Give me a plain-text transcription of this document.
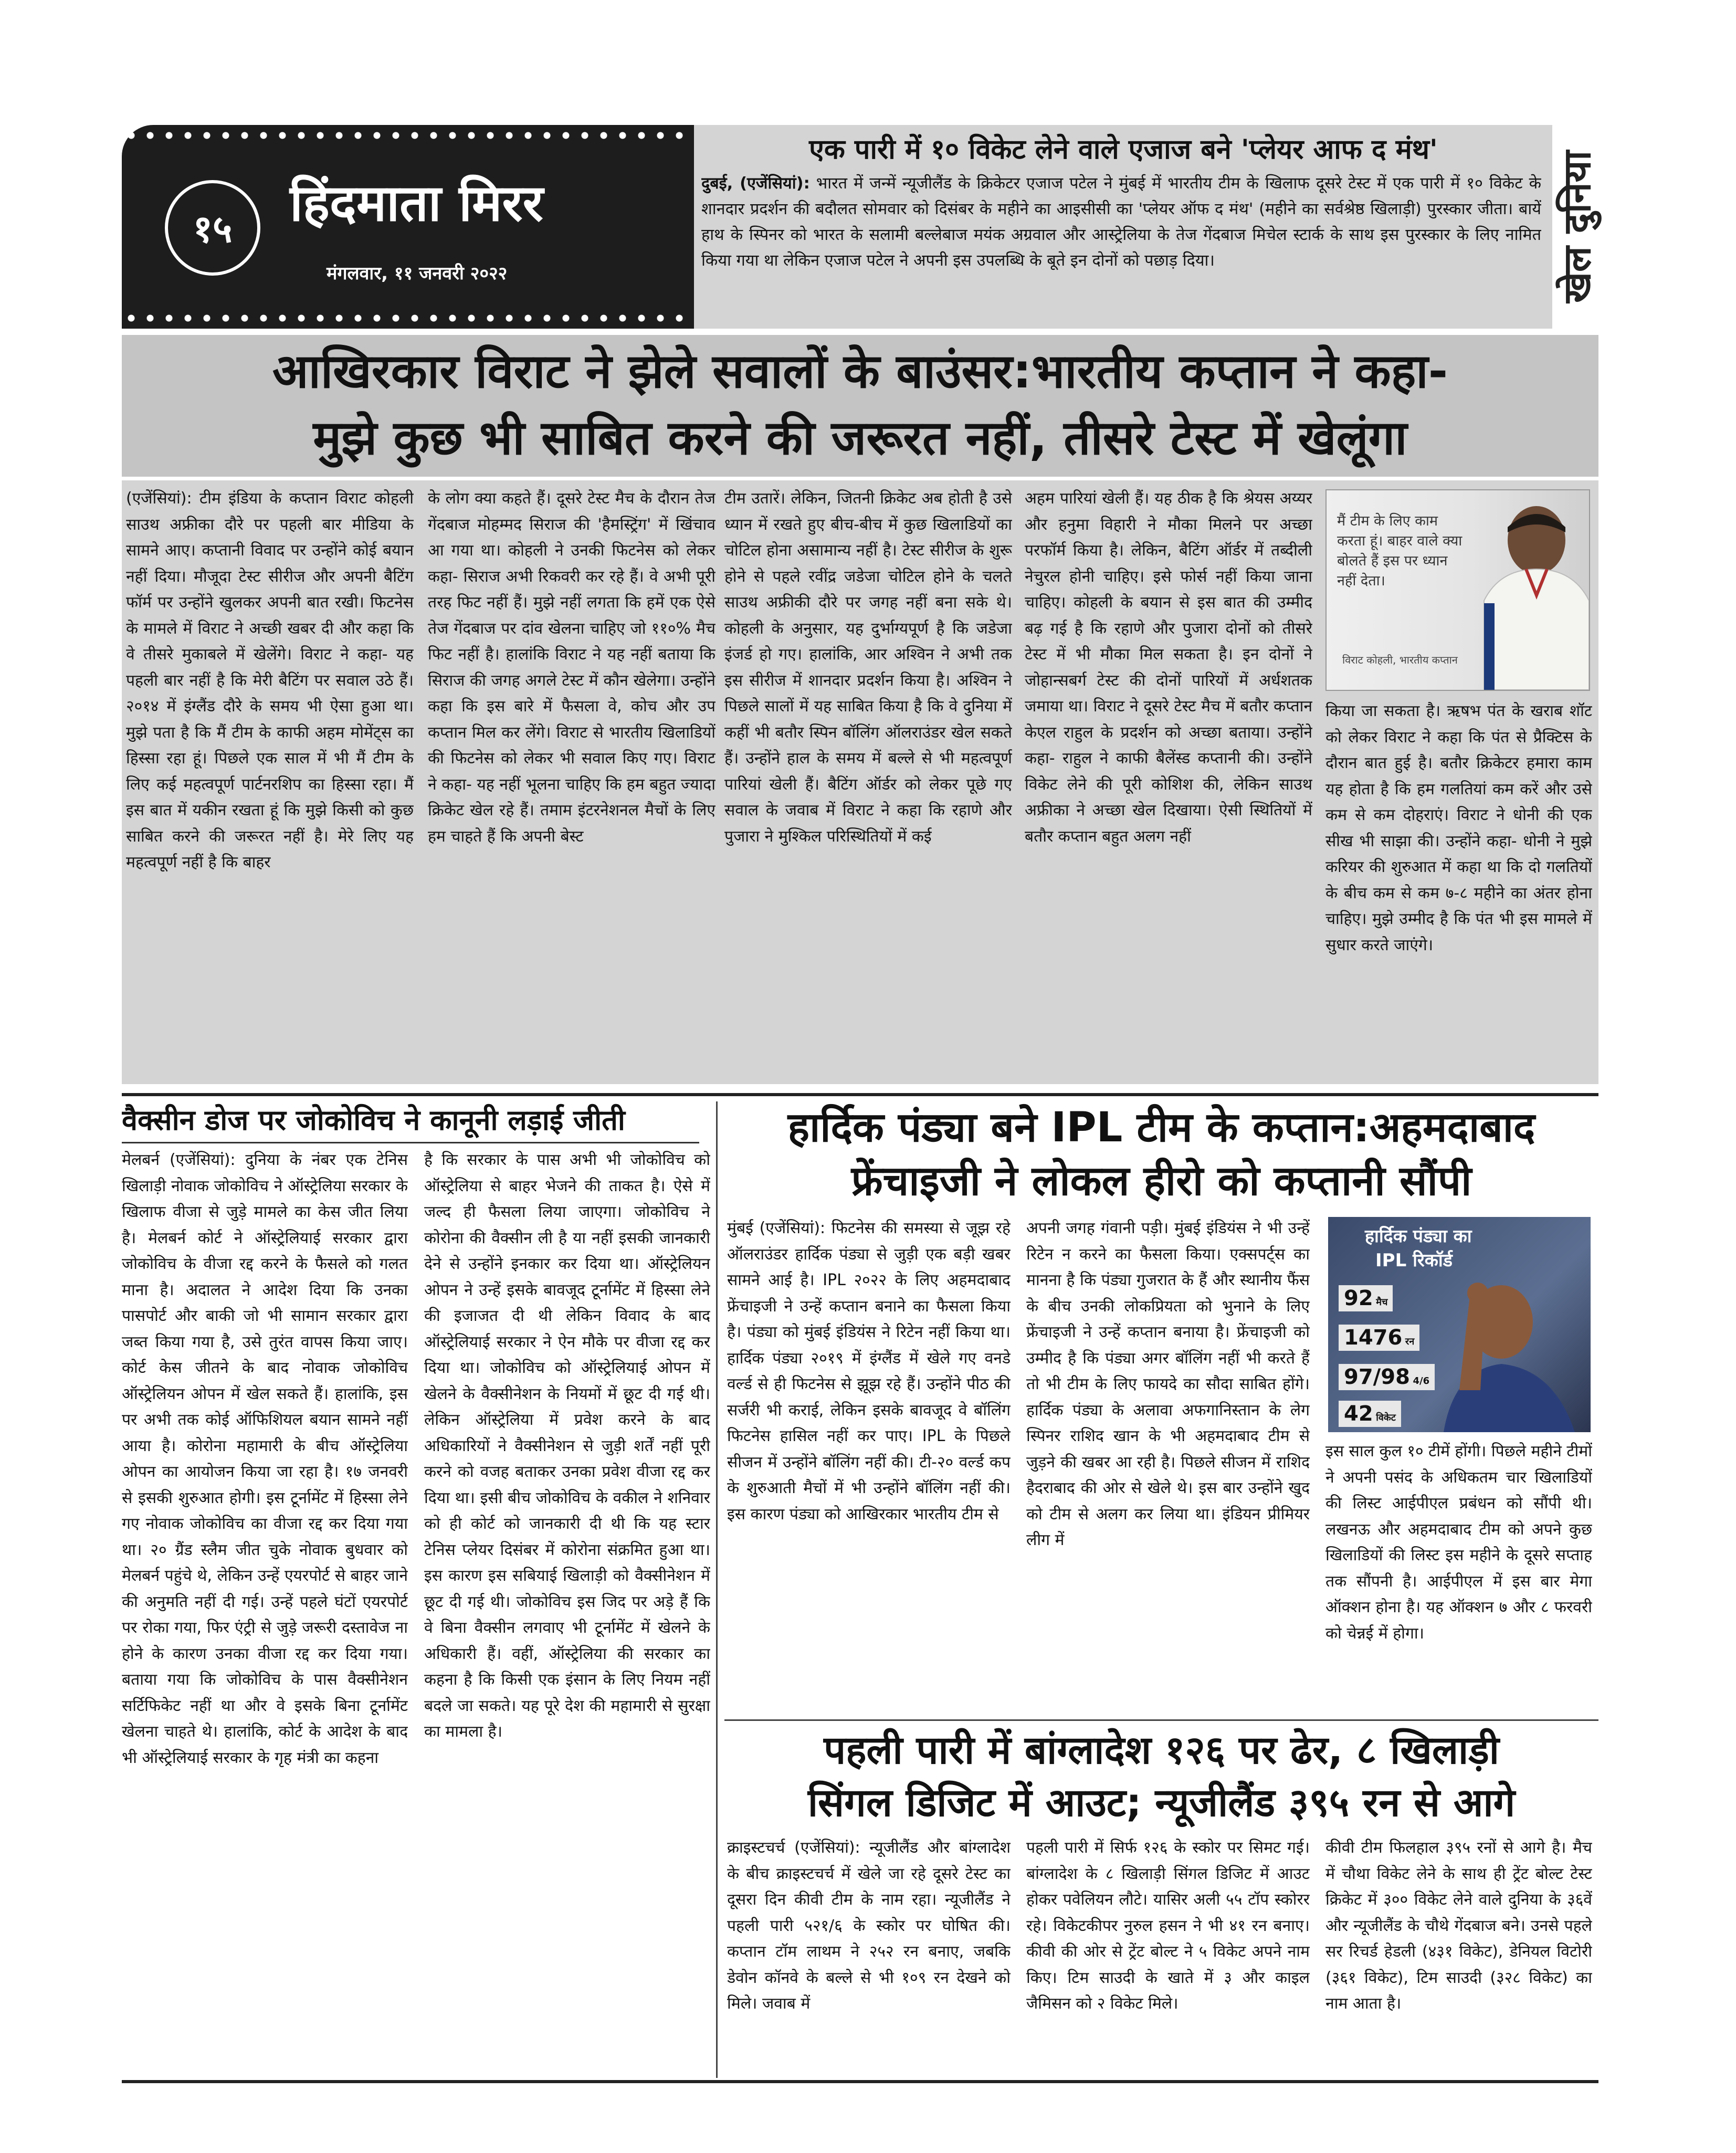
१५ हिंदमाता मिरर
मंगलवार, ११ जनवरी २०२२
एक पारी में १० विकेट लेने वाले एजाज बने 'प्लेयर आफ द मंथ'
दुबई, (एजेंसियां): भारत में जन्में न्यूजीलैंड के क्रिकेटर एजाज पटेल ने मुंबई में भारतीय टीम के खिलाफ दूसरे टेस्ट में एक पारी में १० विकेट के शानदार प्रदर्शन की बदौलत सोमवार को दिसंबर के महीने का आइसीसी का 'प्लेयर ऑफ द मंथ' (महीने का सर्वश्रेष्ठ खिलाड़ी) पुरस्कार जीता। बायें हाथ के स्पिनर को भारत के सलामी बल्लेबाज मयंक अग्रवाल और आस्ट्रेलिया के तेज गेंदबाज मिचेल स्टार्क के साथ इस पुरस्कार के लिए नामित किया गया था लेकिन एजाज पटेल ने अपनी इस उपलब्धि के बूते इन दोनों को पछाड़ दिया।	खेल दुनिया
आखिरकार विराट ने झेले सवालों के बाउंसर:भारतीय कप्तान ने कहा-
मुझे कुछ भी साबित करने की जरूरत नहीं, तीसरे टेस्ट में खेलूंगा
(एजेंसियां): टीम इंडिया के कप्तान विराट कोहली साउथ अफ्रीका दौरे पर पहली बार मीडिया के सामने आए। कप्तानी विवाद पर उन्होंने कोई बयान नहीं दिया। मौजूदा टेस्ट सीरीज और अपनी बैटिंग फॉर्म पर उन्होंने खुलकर अपनी बात रखी। फिटनेस के मामले में विराट ने अच्छी खबर दी और कहा कि वे तीसरे मुकाबले में खेलेंगे। विराट ने कहा- यह पहली बार नहीं है कि मेरी बैटिंग पर सवाल उठे हैं। २०१४ में इंग्लैंड दौरे के समय भी ऐसा हुआ था। मुझे पता है कि मैं टीम के काफी अहम मोमेंट्स का हिस्सा रहा हूं। पिछले एक साल में भी मैं टीम के लिए कई महत्वपूर्ण पार्टनरशिप का हिस्सा रहा। मैं इस बात में यकीन रखता हूं कि मुझे किसी को कुछ साबित करने की जरूरत नहीं है। मेरे लिए यह महत्वपूर्ण नहीं है कि बाहर
के लोग क्या कहते हैं। दूसरे टेस्ट मैच के दौरान तेज गेंदबाज मोहम्मद सिराज की 'हैमस्ट्रिंग' में खिंचाव आ गया था। कोहली ने उनकी फिटनेस को लेकर कहा- सिराज अभी रिकवरी कर रहे हैं। वे अभी पूरी तरह फिट नहीं हैं। मुझे नहीं लगता कि हमें एक ऐसे तेज गेंदबाज पर दांव खेलना चाहिए जो ११०% मैच फिट नहीं है। हालांकि विराट ने यह नहीं बताया कि सिराज की जगह अगले टेस्ट में कौन खेलेगा। उन्होंने कहा कि इस बारे में फैसला वे, कोच और उप कप्तान मिल कर लेंगे। विराट से भारतीय खिलाडियों की फिटनेस को लेकर भी सवाल किए गए। विराट ने कहा- यह नहीं भूलना चाहिए कि हम बहुत ज्यादा क्रिकेट खेल रहे हैं। तमाम इंटरनेशनल मैचों के लिए हम चाहते हैं कि अपनी बेस्ट
टीम उतारें। लेकिन, जितनी क्रिकेट अब होती है उसे ध्यान में रखते हुए बीच-बीच में कुछ खिलाडियों का चोटिल होना असामान्य नहीं है। टेस्ट सीरीज के शुरू होने से पहले रवींद्र जडेजा चोटिल होने के चलते साउथ अफ्रीकी दौरे पर जगह नहीं बना सके थे। कोहली के अनुसार, यह दुर्भाग्यपूर्ण है कि जडेजा इंजर्ड हो गए। हालांकि, आर अश्विन ने अभी तक इस सीरीज में शानदार प्रदर्शन किया है। अश्विन ने पिछले सालों में यह साबित किया है कि वे दुनिया में कहीं भी बतौर स्पिन बॉलिंग ऑलराउंडर खेल सकते हैं। उन्होंने हाल के समय में बल्ले से भी महत्वपूर्ण पारियां खेली हैं। बैटिंग ऑर्डर को लेकर पूछे गए सवाल के जवाब में विराट ने कहा कि रहाणे और पुजारा ने मुश्किल परिस्थितियों में कई
अहम पारियां खेली हैं। यह ठीक है कि श्रेयस अय्यर और हनुमा विहारी ने मौका मिलने पर अच्छा परफॉर्म किया है। लेकिन, बैटिंग ऑर्डर में तब्दीली नेचुरल होनी चाहिए। इसे फोर्स नहीं किया जाना चाहिए। कोहली के बयान से इस बात की उम्मीद बढ़ गई है कि रहाणे और पुजारा दोनों को तीसरे टेस्ट में भी मौका मिल सकता है। इन दोनों ने जोहान्सबर्ग टेस्ट की दोनों पारियों में अर्धशतक जमाया था। विराट ने दूसरे टेस्ट मैच में बतौर कप्तान केएल राहुल के प्रदर्शन को अच्छा बताया। उन्होंने कहा- राहुल ने काफी बैलेंस्ड कप्तानी की। उन्होंने विकेट लेने की पूरी कोशिश की, लेकिन साउथ अफ्रीका ने अच्छा खेल दिखाया। ऐसी स्थितियों में बतौर कप्तान बहुत अलग नहीं
मैं टीम के लिए काम करता हूं। बाहर वाले क्या बोलते हैं इस पर ध्यान नहीं देता।
विराट कोहली, भारतीय कप्तान
किया जा सकता है। ऋषभ पंत के खराब शॉट को लेकर विराट ने कहा कि पंत से प्रैक्टिस के दौरान बात हुई है। बतौर क्रिकेटर हमारा काम यह होता है कि हम गलतियां कम करें और उसे कम से कम दोहराएं। विराट ने धोनी की एक सीख भी साझा की। उन्होंने कहा- धोनी ने मुझे करियर की शुरुआत में कहा था कि दो गलतियों के बीच कम से कम ७-८ महीने का अंतर होना चाहिए। मुझे उम्मीद है कि पंत भी इस मामले में सुधार करते जाएंगे।
वैक्सीन डोज पर जोकोविच ने कानूनी लड़ाई जीती
मेलबर्न (एजेंसियां): दुनिया के नंबर एक टेनिस खिलाड़ी नोवाक जोकोविच ने ऑस्ट्रेलिया सरकार के खिलाफ वीजा से जुड़े मामले का केस जीत लिया है। मेलबर्न कोर्ट ने ऑस्ट्रेलियाई सरकार द्वारा जोकोविच के वीजा रद्द करने के फैसले को गलत माना है। अदालत ने आदेश दिया कि उनका पासपोर्ट और बाकी जो भी सामान सरकार द्वारा जब्त किया गया है, उसे तुरंत वापस किया जाए। कोर्ट केस जीतने के बाद नोवाक जोकोविच ऑस्ट्रेलियन ओपन में खेल सकते हैं। हालांकि, इस पर अभी तक कोई ऑफिशियल बयान सामने नहीं आया है। कोरोना महामारी के बीच ऑस्ट्रेलिया ओपन का आयोजन किया जा रहा है। १७ जनवरी से इसकी शुरुआत होगी। इस टूर्नामेंट में हिस्सा लेने गए नोवाक जोकोविच का वीजा रद्द कर दिया गया था। २० ग्रैंड स्लैम जीत चुके नोवाक बुधवार को मेलबर्न पहुंचे थे, लेकिन उन्हें एयरपोर्ट से बाहर जाने की अनुमति नहीं दी गई। उन्हें पहले घंटों एयरपोर्ट पर रोका गया, फिर एंट्री से जुड़े जरूरी दस्तावेज ना होने के कारण उनका वीजा रद्द कर दिया गया। बताया गया कि जोकोविच के पास वैक्सीनेशन सर्टिफिकेट नहीं था और वे इसके बिना टूर्नामेंट खेलना चाहते थे। हालांकि, कोर्ट के आदेश के बाद भी ऑस्ट्रेलियाई सरकार के गृह मंत्री का कहना
है कि सरकार के पास अभी भी जोकोविच को ऑस्ट्रेलिया से बाहर भेजने की ताकत है। ऐसे में जल्द ही फैसला लिया जाएगा। जोकोविच ने कोरोना की वैक्सीन ली है या नहीं इसकी जानकारी देने से उन्होंने इनकार कर दिया था। ऑस्ट्रेलियन ओपन ने उन्हें इसके बावजूद टूर्नामेंट में हिस्सा लेने की इजाजत दी थी लेकिन विवाद के बाद ऑस्ट्रेलियाई सरकार ने ऐन मौके पर वीजा रद्द कर दिया था। जोकोविच को ऑस्ट्रेलियाई ओपन में खेलने के वैक्सीनेशन के नियमों में छूट दी गई थी। लेकिन ऑस्ट्रेलिया में प्रवेश करने के बाद अधिकारियों ने वैक्सीनेशन से जुड़ी शर्तें नहीं पूरी करने को वजह बताकर उनका प्रवेश वीजा रद्द कर दिया था। इसी बीच जोकोविच के वकील ने शनिवार को ही कोर्ट को जानकारी दी थी कि यह स्टार टेनिस प्लेयर दिसंबर में कोरोना संक्रमित हुआ था। इस कारण इस सबियाई खिलाड़ी को वैक्सीनेशन में छूट दी गई थी। जोकोविच इस जिद पर अड़े हैं कि वे बिना वैक्सीन लगवाए भी टूर्नामेंट में खेलने के अधिकारी हैं। वहीं, ऑस्ट्रेलिया की सरकार का कहना है कि किसी एक इंसान के लिए नियम नहीं बदले जा सकते। यह पूरे देश की महामारी से सुरक्षा का मामला है।
हार्दिक पंड्या बने IPL टीम के कप्तान:अहमदाबाद
फ्रेंचाइजी ने लोकल हीरो को कप्तानी सौंपी
मुंबई (एजेंसियां): फिटनेस की समस्या से जूझ रहे ऑलराउंडर हार्दिक पंड्या से जुड़ी एक बड़ी खबर सामने आई है। IPL २०२२ के लिए अहमदाबाद फ्रेंचाइजी ने उन्हें कप्तान बनाने का फैसला किया है। पंड्या को मुंबई इंडियंस ने रिटेन नहीं किया था। हार्दिक पंड्या २०१९ में इंग्लैंड में खेले गए वनडे वर्ल्ड से ही फिटनेस से झूझ रहे हैं। उन्होंने पीठ की सर्जरी भी कराई, लेकिन इसके बावजूद वे बॉलिंग फिटनेस हासिल नहीं कर पाए। IPL के पिछले सीजन में उन्होंने बॉलिंग नहीं की। टी-२० वर्ल्ड कप के शुरुआती मैचों में भी उन्होंने बॉलिंग नहीं की। इस कारण पंड्या को आखिरकार भारतीय टीम से
अपनी जगह गंवानी पड़ी। मुंबई इंडियंस ने भी उन्हें रिटेन न करने का फैसला किया। एक्सपर्ट्स का मानना है कि पंड्या गुजरात के हैं और स्थानीय फैंस के बीच उनकी लोकप्रियता को भुनाने के लिए फ्रेंचाइजी ने उन्हें कप्तान बनाया है। फ्रेंचाइजी को उम्मीद है कि पंड्या अगर बॉलिंग नहीं भी करते हैं तो भी टीम के लिए फायदे का सौदा साबित होंगे। हार्दिक पंड्या के अलावा अफगानिस्तान के लेग स्पिनर राशिद खान के भी अहमदाबाद टीम से जुड़ने की खबर आ रही है। पिछले सीजन में राशिद हैदराबाद की ओर से खेले थे। इस बार उन्होंने खुद को टीम से अलग कर लिया था। इंडियन प्रीमियर लीग में
हार्दिक पंड्या का
IPL रिकॉर्ड
92 मैच
1476 रन
97/98 4/6
42 विकेट
इस साल कुल १० टीमें होंगी। पिछले महीने टीमों ने अपनी पसंद के अधिकतम चार खिलाडियों की लिस्ट आईपीएल प्रबंधन को सौंपी थी। लखनऊ और अहमदाबाद टीम को अपने कुछ खिलाडियों की लिस्ट इस महीने के दूसरे सप्ताह तक सौंपनी है। आईपीएल में इस बार मेगा ऑक्शन होना है। यह ऑक्शन ७ और ८ फरवरी को चेन्नई में होगा।
पहली पारी में बांग्लादेश १२६ पर ढेर, ८ खिलाड़ी
सिंगल डिजिट में आउट; न्यूजीलैंड ३९५ रन से आगे
क्राइस्टचर्च (एजेंसियां): न्यूजीलैंड और बांग्लादेश के बीच क्राइस्टचर्च में खेले जा रहे दूसरे टेस्ट का दूसरा दिन कीवी टीम के नाम रहा। न्यूजीलैंड ने पहली पारी ५२१/६ के स्कोर पर घोषित की। कप्तान टॉम लाथम ने २५२ रन बनाए, जबकि डेवोन कॉनवे के बल्ले से भी १०९ रन देखने को मिले। जवाब में
पहली पारी में सिर्फ १२६ के स्कोर पर सिमट गई। बांग्लादेश के ८ खिलाड़ी सिंगल डिजिट में आउट होकर पवेलियन लौटे। यासिर अली ५५ टॉप स्कोरर रहे। विकेटकीपर नुरुल हसन ने भी ४१ रन बनाए। कीवी की ओर से ट्रेंट बोल्ट ने ५ विकेट अपने नाम किए। टिम साउदी के खाते में ३ और काइल जैमिसन को २ विकेट मिले।
कीवी टीम फिलहाल ३९५ रनों से आगे है। मैच में चौथा विकेट लेने के साथ ही ट्रेंट बोल्ट टेस्ट क्रिकेट में ३०० विकेट लेने वाले दुनिया के ३६वें और न्यूजीलैंड के चौथे गेंदबाज बने। उनसे पहले सर रिचर्ड हेडली (४३१ विकेट), डेनियल विटोरी (३६१ विकेट), टिम साउदी (३२८ विकेट) का नाम आता है।
